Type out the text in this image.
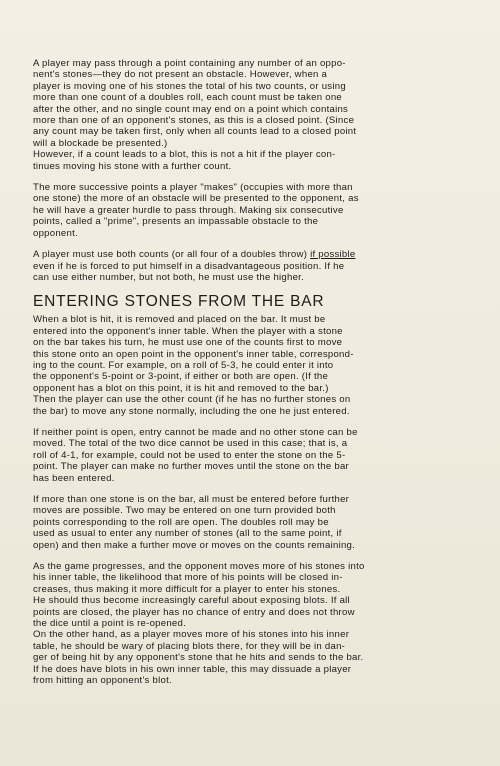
A player may pass through a point containing any number of an oppo-
nent's stones—they do not present an obstacle. However, when a
player is moving one of his stones the total of his two counts, or using
more than one count of a doubles roll, each count must be taken one
after the other, and no single count may end on a point which contains
more than one of an opponent's stones, as this is a closed point. (Since
any count may be taken first, only when all counts lead to a closed point
will a blockade be presented.)
However, if a count leads to a blot, this is not a hit if the player con-
tinues moving his stone with a further count.

The more successive points a player "makes" (occupies with more than
one stone) the more of an obstacle will be presented to the opponent, as
he will have a greater hurdle to pass through. Making six consecutive
points, called a "prime", presents an impassable obstacle to the
opponent.

A player must use both counts (or all four of a doubles throw) if possible
even if he is forced to put himself in a disadvantageous position. If he
can use either number, but not both, he must use the higher.

ENTERING STONES FROM THE BAR

When a blot is hit, it is removed and placed on the bar. It must be
entered into the opponent's inner table. When the player with a stone
on the bar takes his turn, he must use one of the counts first to move
this stone onto an open point in the opponent's inner table, correspond-
ing to the count. For example, on a roll of 5-3, he could enter it into
the opponent's 5-point or 3-point, if either or both are open. (If the
opponent has a blot on this point, it is hit and removed to the bar.)
Then the player can use the other count (if he has no further stones on
the bar) to move any stone normally, including the one he just entered.

If neither point is open, entry cannot be made and no other stone can be
moved. The total of the two dice cannot be used in this case; that is, a
roll of 4-1, for example, could not be used to enter the stone on the 5-
point. The player can make no further moves until the stone on the bar
has been entered.

If more than one stone is on the bar, all must be entered before further
moves are possible. Two may be entered on one turn provided both
points corresponding to the roll are open. The doubles roll may be
used as usual to enter any number of stones (all to the same point, if
open) and then make a further move or moves on the counts remaining.

As the game progresses, and the opponent moves more of his stones into
his inner table, the likelihood that more of his points will be closed in-
creases, thus making it more difficult for a player to enter his stones.
He should thus become increasingly careful about exposing blots. If all
points are closed, the player has no chance of entry and does not throw
the dice until a point is re-opened.
On the other hand, as a player moves more of his stones into his inner
table, he should be wary of placing blots there, for they will be in dan-
ger of being hit by any opponent's stone that he hits and sends to the bar.
If he does have blots in his own inner table, this may dissuade a player
from hitting an opponent's blot.
